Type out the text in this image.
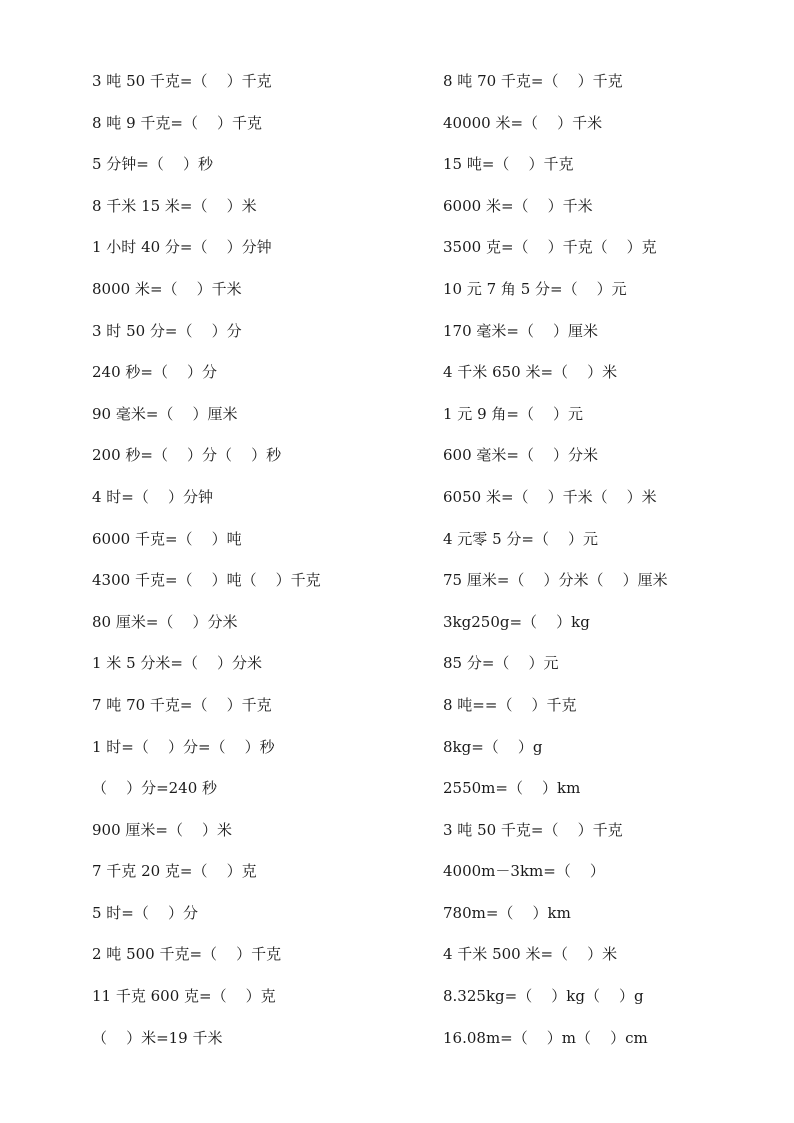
3 吨 50 千克=（    ）千克
8 吨 9 千克=（    ）千克
5 分钟=（    ）秒
8 千米 15 米=（    ）米
1 小时 40 分=（    ）分钟
8000 米=（    ）千米
3 时 50 分=（    ）分
240 秒=（    ）分
90 毫米=（    ）厘米
200 秒=（    ）分（    ）秒
4 时=（    ）分钟
6000 千克=（    ）吨
4300 千克=（    ）吨（    ）千克
80 厘米=（    ）分米
1 米 5 分米=（    ）分米
7 吨 70 千克=（    ）千克
1 时=（    ）分=（    ）秒
（    ）分=240 秒
900 厘米=（    ）米
7 千克 20 克=（    ）克
5 时=（    ）分
2 吨 500 千克=（    ）千克
11 千克 600 克=（    ）克
（    ）米=19 千米
8 吨 70 千克=（    ）千克
40000 米=（    ）千米
15 吨=（    ）千克
6000 米=（    ）千米
3500 克=（    ）千克（    ）克
10 元 7 角 5 分=（    ）元
170 毫米=（    ）厘米
4 千米 650 米=（    ）米
1 元 9 角=（    ）元
600 毫米=（    ）分米
6050 米=（    ）千米（    ）米
4 元零 5 分=（    ）元
75 厘米=（    ）分米（    ）厘米
3kg250g=（    ）kg
85 分=（    ）元
8 吨==（    ）千克
8kg=（    ）g
2550m=（    ）km
3 吨 50 千克=（    ）千克
4000m－3km=（    ）
780m=（    ）km
4 千米 500 米=（    ）米
8.325kg=（    ）kg（    ）g
16.08m=（    ）m（    ）cm
